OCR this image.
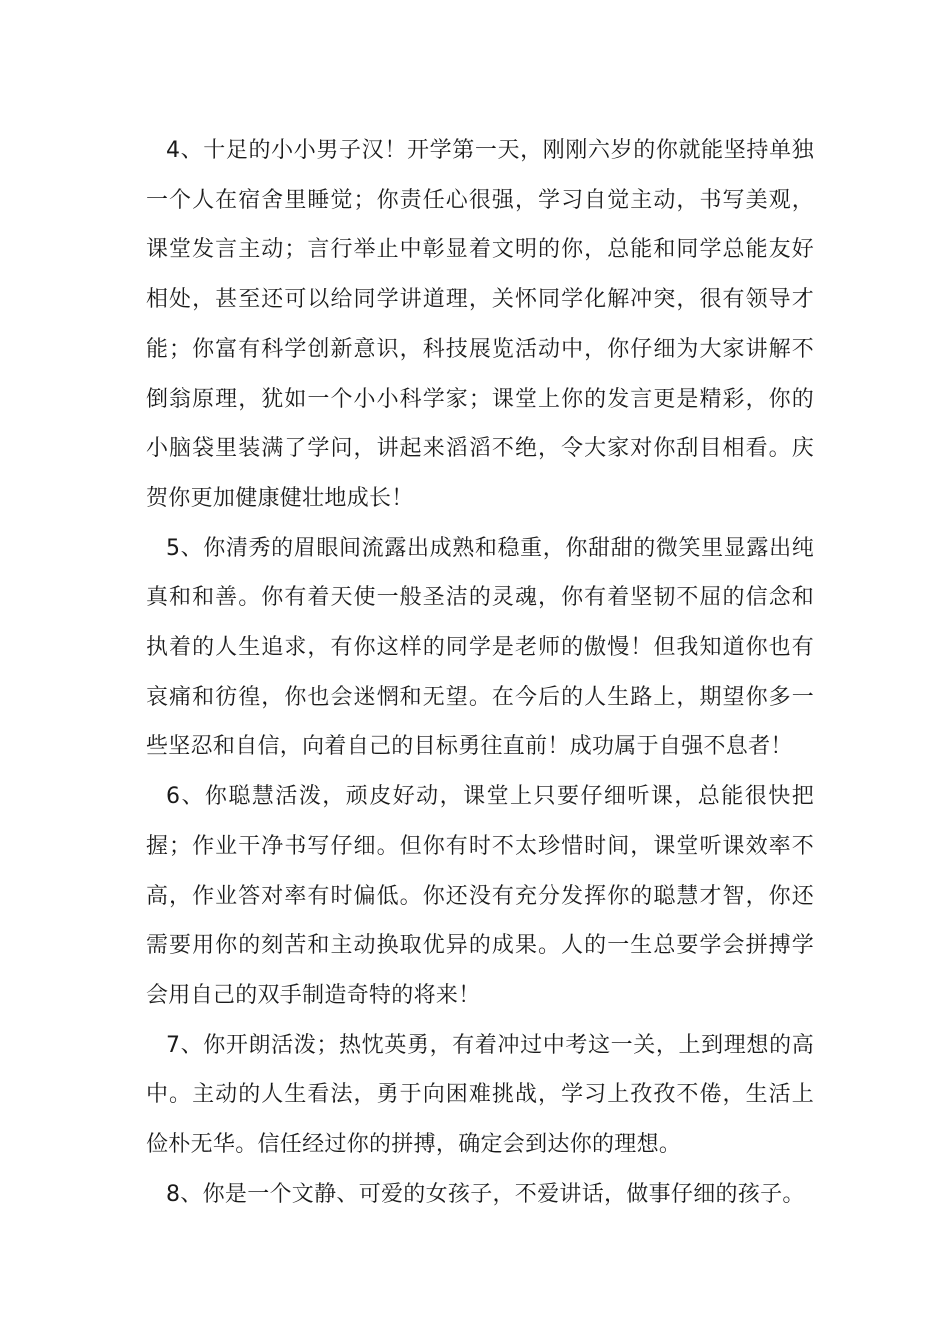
4、十足的小小男子汉！开学第一天，刚刚六岁的你就能坚持单独一个人在宿舍里睡觉；你责任心很强，学习自觉主动，书写美观，课堂发言主动；言行举止中彰显着文明的你，总能和同学总能友好相处，甚至还可以给同学讲道理，关怀同学化解冲突，很有领导才能；你富有科学创新意识，科技展览活动中，你仔细为大家讲解不倒翁原理，犹如一个小小科学家；课堂上你的发言更是精彩，你的小脑袋里装满了学问，讲起来滔滔不绝，令大家对你刮目相看。庆贺你更加健康健壮地成长！

5、你清秀的眉眼间流露出成熟和稳重，你甜甜的微笑里显露出纯真和和善。你有着天使一般圣洁的灵魂，你有着坚韧不屈的信念和执着的人生追求，有你这样的同学是老师的傲慢！但我知道你也有哀痛和彷徨，你也会迷惘和无望。在今后的人生路上，期望你多一些坚忍和自信，向着自己的目标勇往直前！成功属于自强不息者！

6、你聪慧活泼，顽皮好动，课堂上只要仔细听课，总能很快把握；作业干净书写仔细。但你有时不太珍惜时间，课堂听课效率不高，作业答对率有时偏低。你还没有充分发挥你的聪慧才智，你还需要用你的刻苦和主动换取优异的成果。人的一生总要学会拼搏学会用自己的双手制造奇特的将来！

7、你开朗活泼；热忱英勇，有着冲过中考这一关，上到理想的高中。主动的人生看法，勇于向困难挑战，学习上孜孜不倦，生活上俭朴无华。信任经过你的拼搏，确定会到达你的理想。

8、你是一个文静、可爱的女孩子，不爱讲话，做事仔细的孩子。
